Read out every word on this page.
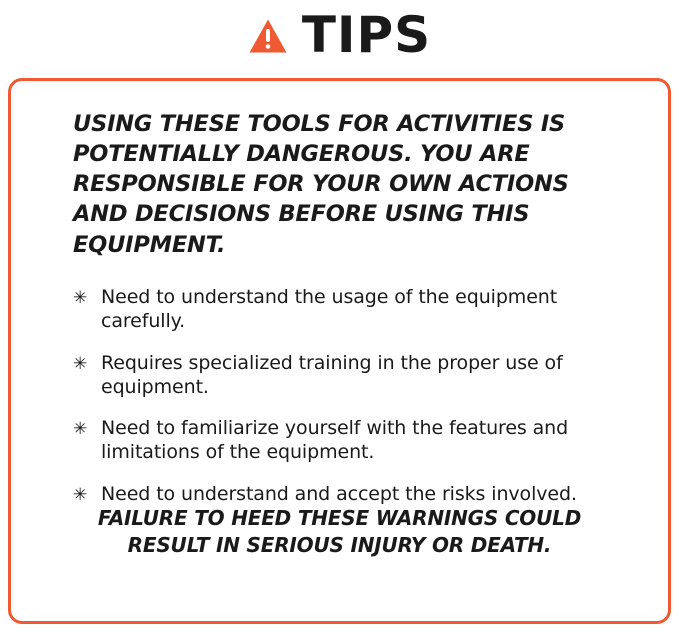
TIPS

USING THESE TOOLS FOR ACTIVITIES IS POTENTIALLY DANGEROUS. YOU ARE RESPONSIBLE FOR YOUR OWN ACTIONS AND DECISIONS BEFORE USING THIS EQUIPMENT.

✳ Need to understand the usage of the equipment carefully.
✳ Requires specialized training in the proper use of equipment.
✳ Need to familiarize yourself with the features and limitations of the equipment.
✳ Need to understand and accept the risks involved.

FAILURE TO HEED THESE WARNINGS COULD RESULT IN SERIOUS INJURY OR DEATH.
